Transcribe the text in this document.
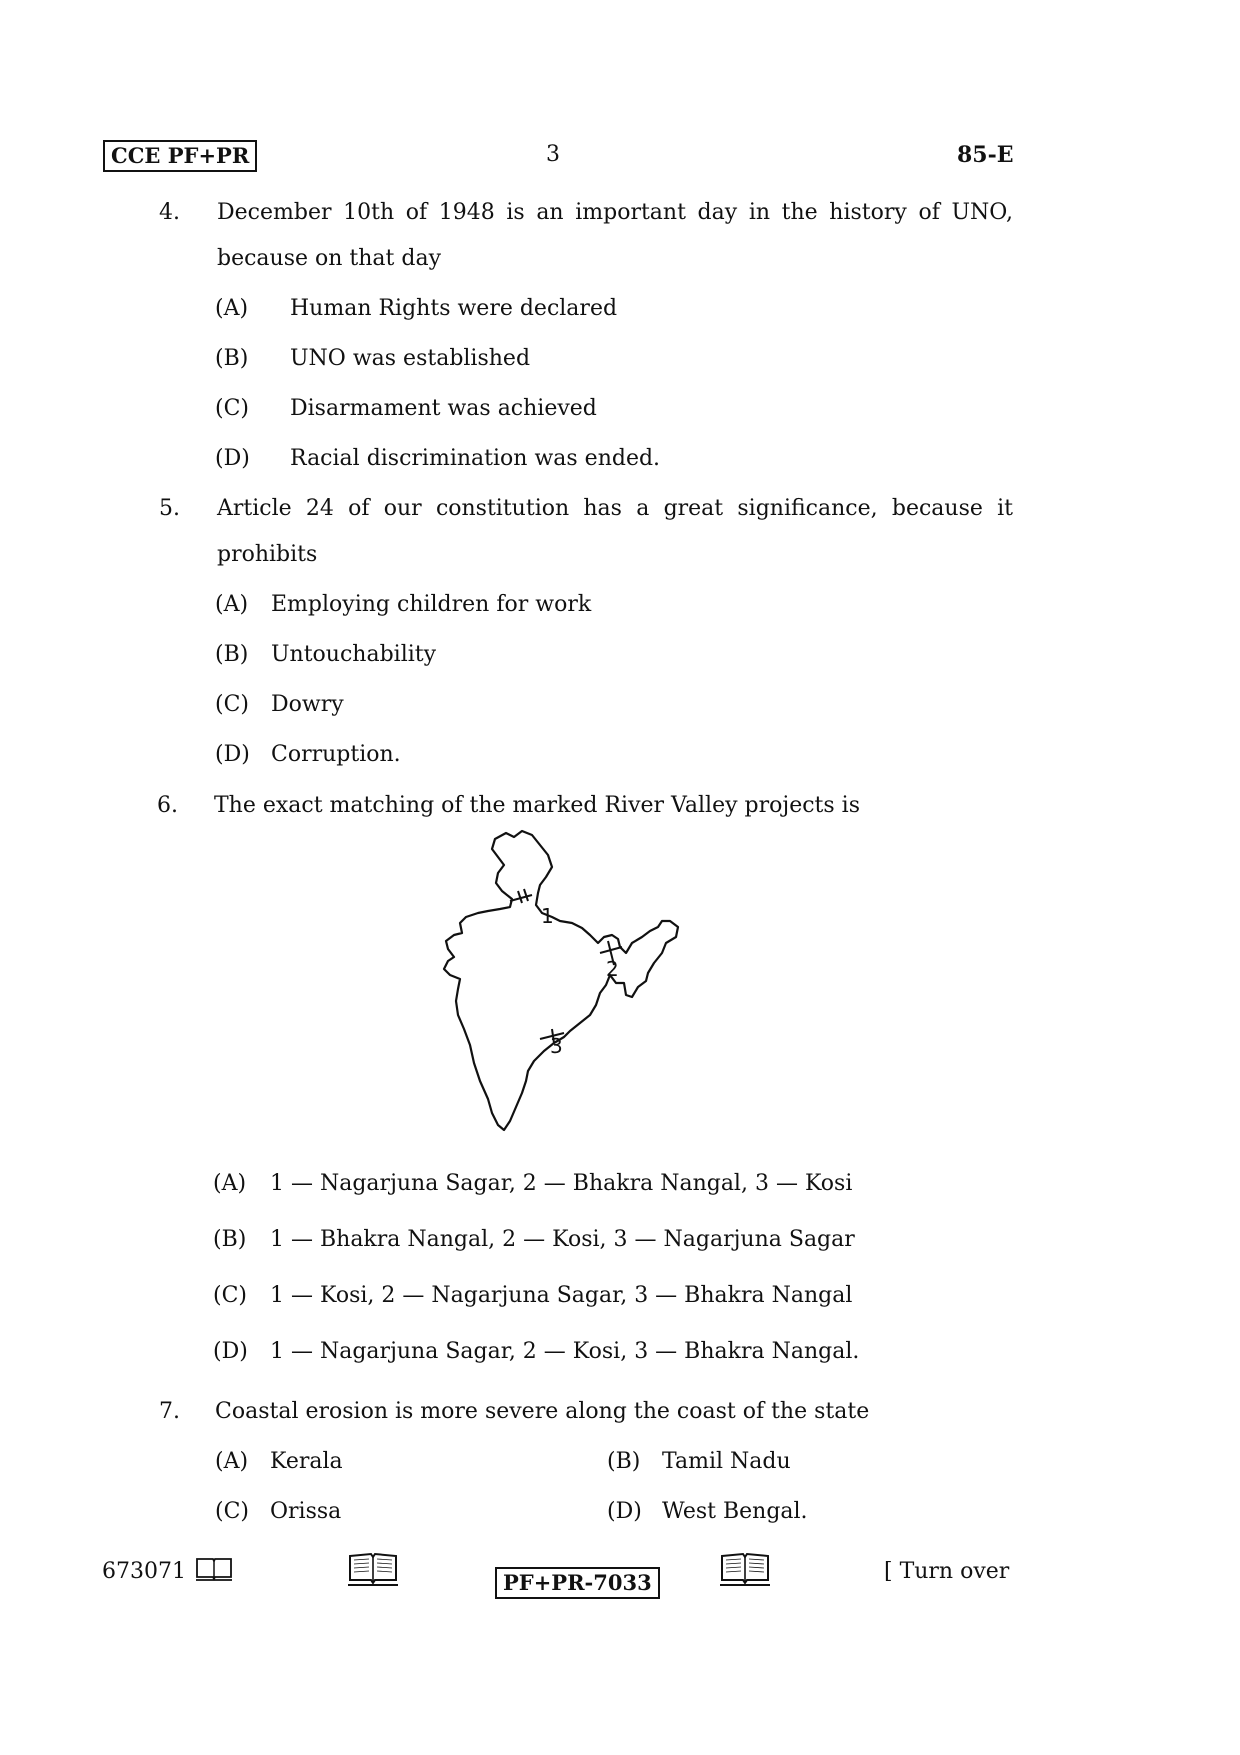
CCE PF+PR	3	85-E
4. December 10th of 1948 is an important day in the history of UNO,
because on that day
(A) Human Rights were declared
(B) UNO was established
(C) Disarmament was achieved
(D) Racial discrimination was ended.
5. Article 24 of our constitution has a great significance, because it
prohibits
(A) Employing children for work
(B) Untouchability
(C) Dowry
(D) Corruption.
6. The exact matching of the marked River Valley projects is
1
2
3
(A) 1 — Nagarjuna Sagar, 2 — Bhakra Nangal, 3 — Kosi
(B) 1 — Bhakra Nangal, 2 — Kosi, 3 — Nagarjuna Sagar
(C) 1 — Kosi, 2 — Nagarjuna Sagar, 3 — Bhakra Nangal
(D) 1 — Nagarjuna Sagar, 2 — Kosi, 3 — Bhakra Nangal.
7. Coastal erosion is more severe along the coast of the state
(A) Kerala	(B) Tamil Nadu
(C) Orissa	(D) West Bengal.
673071	PF+PR-7033	[ Turn over
